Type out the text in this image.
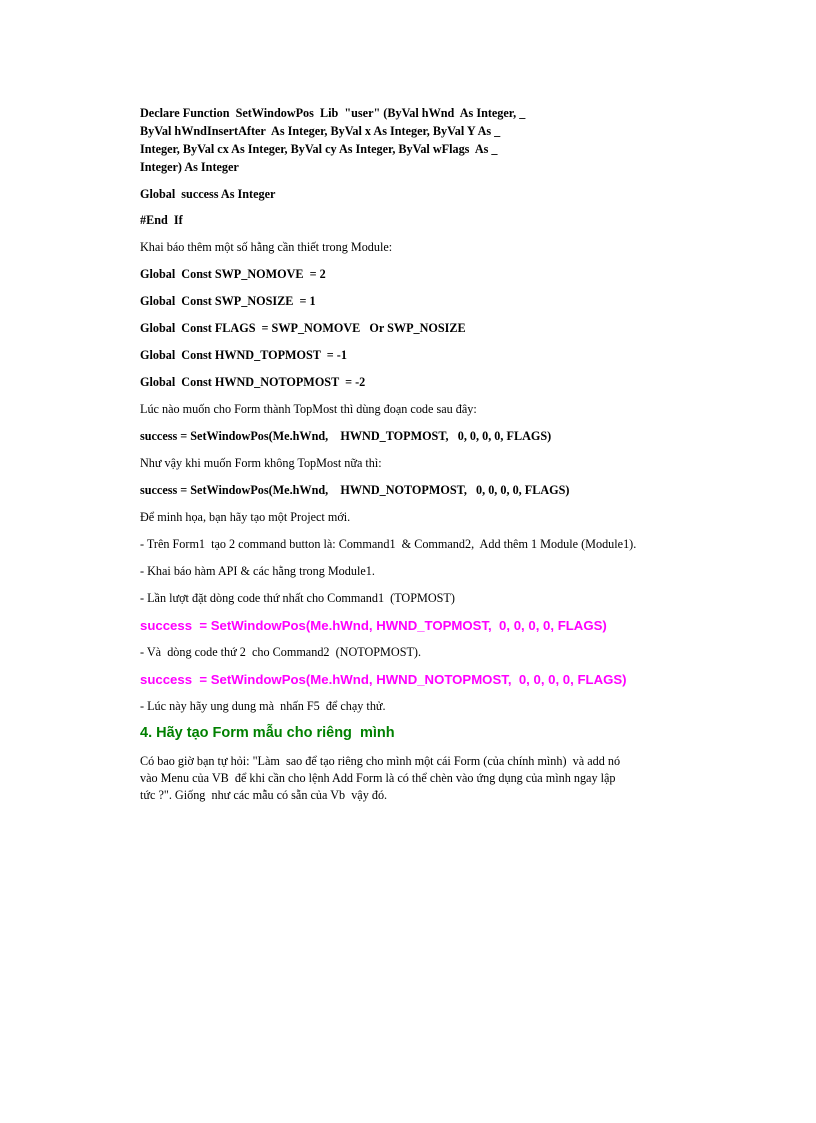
Declare Function  SetWindowPos  Lib  "user" (ByVal hWnd  As Integer, _

ByVal hWndInsertAfter  As Integer, ByVal x As Integer, ByVal Y As _

Integer, ByVal cx As Integer, ByVal cy As Integer, ByVal wFlags  As _

Integer) As Integer

Global  success As Integer

#End  If

Khai báo thêm một số hằng cần thiết trong Module:

Global  Const SWP_NOMOVE  = 2

Global  Const SWP_NOSIZE  = 1

Global  Const FLAGS  = SWP_NOMOVE   Or SWP_NOSIZE

Global  Const HWND_TOPMOST  = -1

Global  Const HWND_NOTOPMOST  = -2

Lúc nào muốn cho Form thành TopMost thì dùng đoạn code sau đây:

success = SetWindowPos(Me.hWnd,    HWND_TOPMOST,   0, 0, 0, 0, FLAGS)

Như vậy khi muốn Form không TopMost nữa thì:

success = SetWindowPos(Me.hWnd,    HWND_NOTOPMOST,   0, 0, 0, 0, FLAGS)

Để minh họa, bạn hãy tạo một Project mới.

- Trên Form1  tạo 2 command button là: Command1  & Command2,  Add thêm 1 Module (Module1).

- Khai báo hàm API & các hằng trong Module1.

- Lần lượt đặt dòng code thứ nhất cho Command1  (TOPMOST)

success  = SetWindowPos(Me.hWnd, HWND_TOPMOST,  0, 0, 0, 0, FLAGS)

- Và  dòng code thứ 2  cho Command2  (NOTOPMOST).

success  = SetWindowPos(Me.hWnd, HWND_NOTOPMOST,  0, 0, 0, 0, FLAGS)

- Lúc này hãy ung dung mà  nhấn F5  để chạy thử.

4. Hãy tạo Form mẫu cho riêng  mình

Có bao giờ bạn tự hỏi: "Làm  sao để tạo riêng cho mình một cái Form (của chính mình)  và add nó

vào Menu của VB  để khi cần cho lệnh Add Form là có thể chèn vào ứng dụng của mình ngay lập

tức ?". Giống  như các mẫu có sẵn của Vb  vậy đó.
